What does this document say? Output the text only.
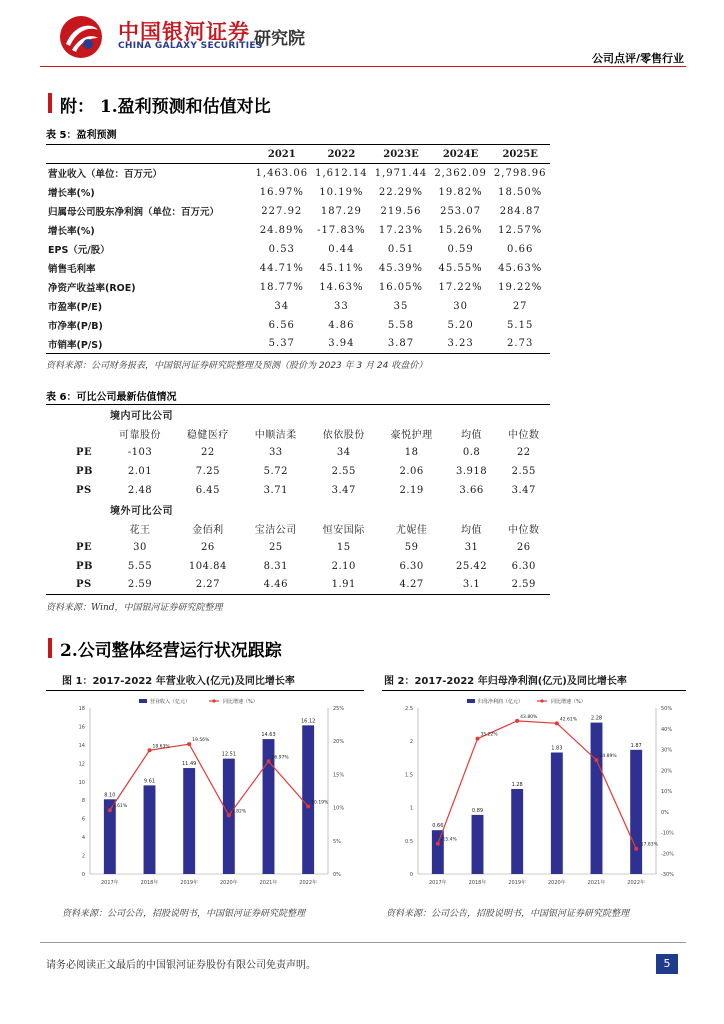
中国银河证券
CHINA GALAXY SECURITIES
研究院
公司点评/零售行业
附： 1.盈利预测和估值对比
表 5：盈利预测
	2021	2022	2023E	2024E	2025E
营业收入（单位：百万元）	1,463.06	1,612.14	1,971.44	2,362.09	2,798.96
增长率(%)	16.97%	10.19%	22.29%	19.82%	18.50%
归属母公司股东净利润（单位：百万元）	227.92	187.29	219.56	253.07	284.87
增长率(%)	24.89%	-17.83%	17.23%	15.26%	12.57%
EPS（元/股）	0.53	0.44	0.51	0.59	0.66
销售毛利率	44.71%	45.11%	45.39%	45.55%	45.63%
净资产收益率(ROE)	18.77%	14.63%	16.05%	17.22%	19.22%
市盈率(P/E)	34	33	35	30	27
市净率(P/B)	6.56	4.86	5.58	5.20	5.15
市销率(P/S)	5.37	3.94	3.87	3.23	2.73
资料来源：公司财务报表，中国银河证券研究院整理及预测（股价为 2023 年 3 月 24 收盘价）
表 6：可比公司最新估值情况
境内可比公司							
	可靠股份	稳健医疗	中顺洁柔	依依股份	豪悦护理	均值	中位数
PE	-103	22	33	34	18	0.8	22
PB	2.01	7.25	5.72	2.55	2.06	3.918	2.55
PS	2.48	6.45	3.71	3.47	2.19	3.66	3.47
境外可比公司							
	花王	金佰利	宝洁公司	恒安国际	尤妮佳	均值	中位数
PE	30	26	25	15	59	31	26
PB	5.55	104.84	8.31	2.10	6.30	25.42	6.30
PS	2.59	2.27	4.46	1.91	4.27	3.1	2.59
资料来源：Wind，中国银河证券研究院整理
2.公司整体经营运行状况跟踪
图 1：2017-2022 年营业收入(亿元)及同比增长率
0
2
4
6
8
10
12
14
16
18
0%
5%
10%
15%
20%
25%
8.10
2017年
9.61
2018年
11.49
2019年
12.51
2020年
14.63
2021年
16.12
2022年
9.61%
18.63%
19.56%
8.82%
16.97%
10.19%
营业收入（亿元）	同比增速（%）
资料来源：公司公告，招股说明书，中国银河证券研究院整理
图 2：2017-2022 年归母净利润(亿元)及同比增长率
0
0.5
1
1.5
2
2.5
-30%
-20%
-10%
0%
10%
20%
30%
40%
50%
0.66
2017年
0.89
2018年
1.28
2019年
1.83
2020年
2.28
2021年
1.87
2022年
-15.4%
35.22%
43.80%	42.61%
24.89%
-17.83%
归母净利润（亿元）	同比增速（%）
资料来源：公司公告，招股说明书，中国银河证券研究院整理
请务必阅读正文最后的中国银河证券股份有限公司免责声明。	5
